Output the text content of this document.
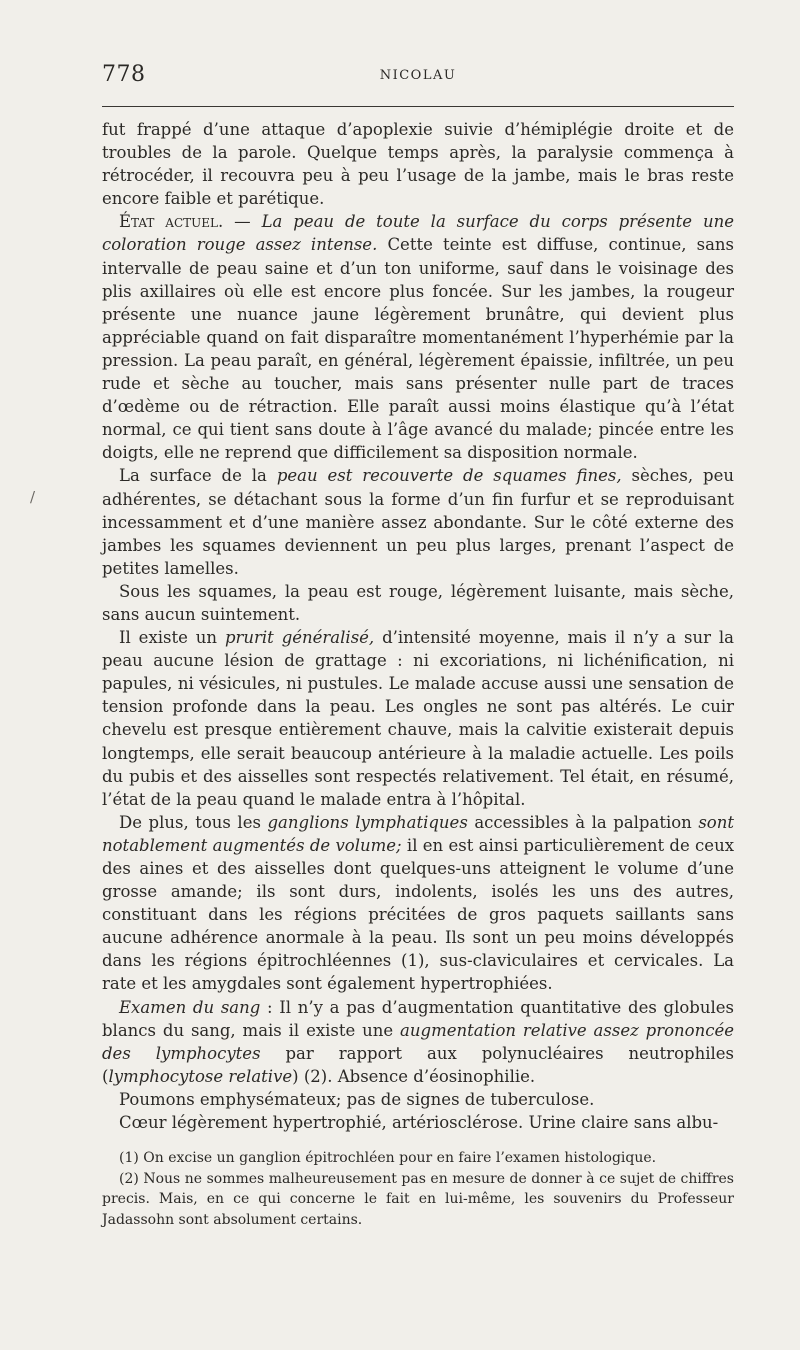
778	NICOLAU
/

fut frappé d’une attaque d’apoplexie suivie d’hémiplégie droite et de troubles de la parole. Quelque temps après, la paralysie commença à rétrocéder, il recouvra peu à peu l’usage de la jambe, mais le bras reste encore faible et parétique.

État actuel. — La peau de toute la surface du corps présente une coloration rouge assez intense. Cette teinte est diffuse, continue, sans intervalle de peau saine et d’un ton uniforme, sauf dans le voisinage des plis axillaires où elle est encore plus foncée. Sur les jambes, la rougeur présente une nuance jaune légèrement brunâtre, qui devient plus appréciable quand on fait disparaître momentanément l’hyperhémie par la pression. La peau paraît, en général, légèrement épaissie, infiltrée, un peu rude et sèche au toucher, mais sans présenter nulle part de traces d’œdème ou de rétraction. Elle paraît aussi moins élastique qu’à l’état normal, ce qui tient sans doute à l’âge avancé du malade; pincée entre les doigts, elle ne reprend que difficilement sa disposition normale.

La surface de la peau est recouverte de squames fines, sèches, peu adhérentes, se détachant sous la forme d’un fin furfur et se reproduisant incessamment et d’une manière assez abondante. Sur le côté externe des jambes les squames deviennent un peu plus larges, prenant l’aspect de petites lamelles.

Sous les squames, la peau est rouge, légèrement luisante, mais sèche, sans aucun suintement.

Il existe un prurit généralisé, d’intensité moyenne, mais il n’y a sur la peau aucune lésion de grattage : ni excoriations, ni lichénification, ni papules, ni vésicules, ni pustules. Le malade accuse aussi une sensation de tension profonde dans la peau. Les ongles ne sont pas altérés. Le cuir chevelu est presque entièrement chauve, mais la calvitie existerait depuis longtemps, elle serait beaucoup antérieure à la maladie actuelle. Les poils du pubis et des aisselles sont respectés relativement. Tel était, en résumé, l’état de la peau quand le malade entra à l’hôpital.

De plus, tous les ganglions lymphatiques accessibles à la palpation sont notablement augmentés de volume; il en est ainsi particulièrement de ceux des aines et des aisselles dont quelques-uns atteignent le volume d’une grosse amande; ils sont durs, indolents, isolés les uns des autres, constituant dans les régions précitées de gros paquets saillants sans aucune adhérence anormale à la peau. Ils sont un peu moins développés dans les régions épitrochléennes (1), sus-claviculaires et cervicales. La rate et les amygdales sont également hypertrophiées.

Examen du sang : Il n’y a pas d’augmentation quantitative des globules blancs du sang, mais il existe une augmentation relative assez prononcée des lymphocytes par rapport aux polynucléaires neutrophiles (lymphocytose relative) (2). Absence d’éosinophilie.

Poumons emphysémateux; pas de signes de tuberculose.

Cœur légèrement hypertrophié, artériosclérose. Urine claire sans albu-

(1) On excise un ganglion épitrochléen pour en faire l’examen histologique.

(2) Nous ne sommes malheureusement pas en mesure de donner à ce sujet de chiffres precis. Mais, en ce qui concerne le fait en lui-même, les souvenirs du Professeur Jadassohn sont absolument certains.
